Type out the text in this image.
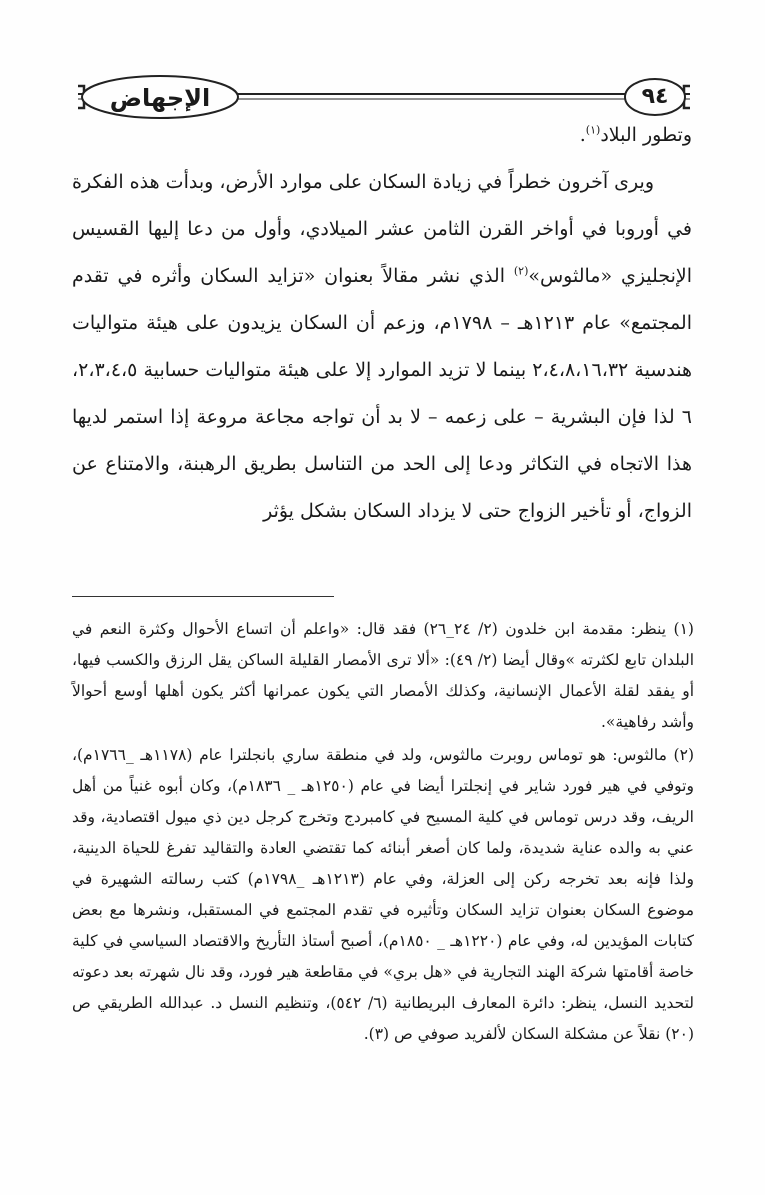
٩٤
الإجهاض

وتطور البلاد$^{(١)}$.

ويرى آخرون خطراً في زيادة السكان على موارد الأرض، وبدأت هذه الفكرة في أوروبا في أواخر القرن الثامن عشر الميلادي، وأول من دعا إليها القسيس الإنجليزي «مالثوس»$^{(٢)}$ الذي نشر مقالاً بعنوان «تزايد السكان وأثره في تقدم المجتمع» عام ١٢١٣هـ – ١٧٩٨م، وزعم أن السكان يزيدون على هيئة متواليات هندسية ٢،٤،٨،١٦،٣٢ بينما لا تزيد الموارد إلا على هيئة متواليات حسابية ٢،٣،٤،٥، ٦ لذا فإن البشرية – على زعمه – لا بد أن تواجه مجاعة مروعة إذا استمر لديها هذا الاتجاه في التكاثر ودعا إلى الحد من التناسل بطريق الرهبنة، والامتناع عن الزواج، أو تأخير الزواج حتى لا يزداد السكان بشكل يؤثر

(١) ينظر: مقدمة ابن خلدون (٢/ ٢٤_٢٦) فقد قال: «واعلم أن اتساع الأحوال وكثرة النعم في البلدان تابع لكثرته »وقال أيضا (٢/ ٤٩): «ألا ترى الأمصار القليلة الساكن يقل الرزق والكسب فيها، أو يفقد لقلة الأعمال الإنسانية، وكذلك الأمصار التي يكون عمرانها أكثر يكون أهلها أوسع أحوالاً وأشد رفاهية».

(٢) مالثوس: هو توماس روبرت مالثوس، ولد في منطقة ساري بانجلترا عام (١١٧٨هـ _١٧٦٦م)، وتوفي في هير فورد شاير في إنجلترا أيضا في عام (١٢٥٠هـ _ ١٨٣٦م)، وكان أبوه غنياً من أهل الريف، وقد درس توماس في كلية المسيح في كامبردج وتخرج كرجل دين ذي ميول اقتصادية، وقد عني به والده عناية شديدة، ولما كان أصغر أبنائه كما تقتضي العادة والتقاليد تفرغ للحياة الدينية، ولذا فإنه بعد تخرجه ركن إلى العزلة، وفي عام (١٢١٣هـ _١٧٩٨م) كتب رسالته الشهيرة في موضوع السكان بعنوان تزايد السكان وتأثيره في تقدم المجتمع في المستقبل، ونشرها مع بعض كتابات المؤيدين له، وفي عام (١٢٢٠هـ _ ١٨٥٠م)، أصبح أستاذ التأريخ والاقتصاد السياسي في كلية خاصة أقامتها شركة الهند التجارية في «هل بري» في مقاطعة هير فورد، وقد نال شهرته بعد دعوته لتحديد النسل، ينظر: دائرة المعارف البريطانية (٦/ ٥٤٢)، وتنظيم النسل د. عبدالله الطريقي ص (٢٠) نقلاً عن مشكلة السكان لألفريد صوفي ص (٣).
